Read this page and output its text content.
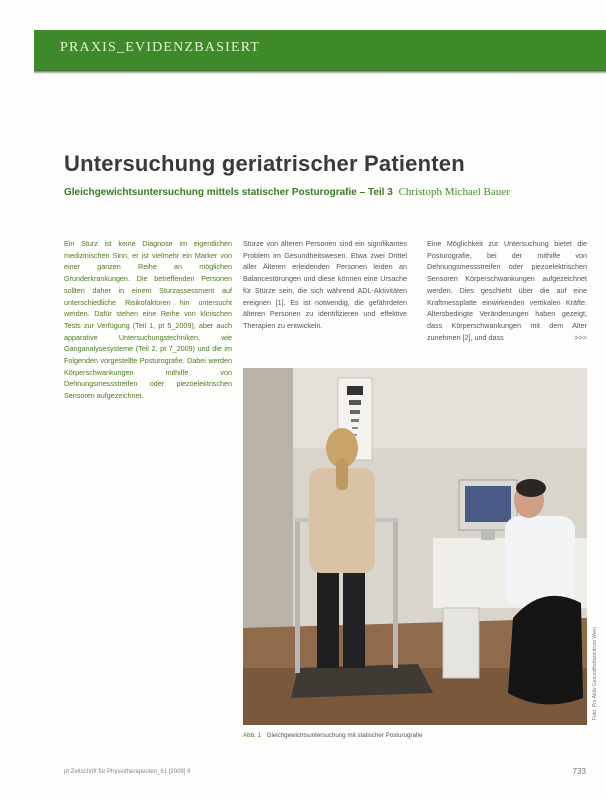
PRAXIS_EVIDENZBASIERT
Untersuchung geriatrischer Patienten
Gleichgewichtsuntersuchung mittels statischer Posturografie – Teil 3 Christoph Michael Bauer
Ein Sturz ist keine Diagnose im eigentlichen medizinischen Sinn, er ist vielmehr ein Marker von einer ganzen Reihe an möglichen Grunderkrankungen. Die betreffenden Personen sollten daher in einem Sturzassessment auf unterschiedliche Risikofaktoren hin untersucht werden. Dafür stehen eine Reihe von klinischen Tests zur Verfügung (Teil 1, pt 5_2009), aber auch apparative Untersuchungstechniken, wie Ganganalysesysteme (Teil 2, pt 7_2009) und die im Folgenden vorgestellte Posturografie. Dabei werden Körperschwankungen mithilfe von Dehnungsmessstreifen oder piezoelektrischen Sensoren aufgezeichnet.
Stürze von älteren Personen sind ein signifikantes Problem im Gesundheitswesen. Etwa zwei Drittel aller Älteren erleidenden Personen leiden an Balancestörungen und diese können eine Ursache für Stürze sein, die sich während ADL-Aktivitäten ereignen [1]. Es ist notwendig, die gefährdeten älteren Personen zu identifizieren und effektive Therapien zu entwickeln.
Eine Möglichkeit zur Untersuchung bietet die Posturografie, bei der mithilfe von Dehnungsmessstreifen oder piezoelektrischen Sensoren Körperschwankungen aufgezeichnet werden. Dies geschieht über die auf eine Kraftmessplatte einwirkenden vertikalen Kräfte. Altersbedingte Veränderungen haben gezeigt, dass Körperschwankungen mit dem Alter zunehmen [2], und dass	>>>
Foto: Pro Aktiv Gesundheitszentrum Wien
Abb. 1 Gleichgewichtsuntersuchung mit statischer Posturografie
pt Zeitschrift für Physiotherapeuten_61 [2009] 8	733
